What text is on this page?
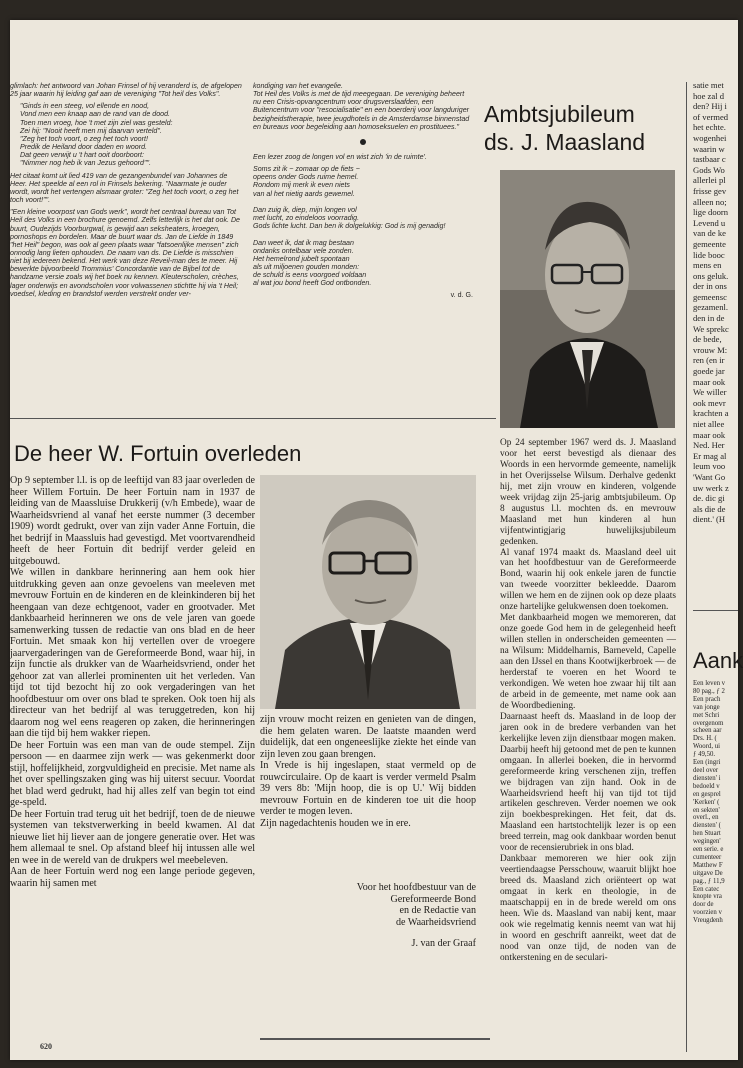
glimlach: het antwoord van Johan Frinsel of hij veranderd is, de afgelopen 25 jaar waarin hij leiding gaf aan de vereniging "Tot heil des Volks".

"Ginds in een steeg, vol ellende en nood,
Vond men een knaap aan de rand van de dood.
Toen men vroeg, hoe 't met zijn ziel was gesteld:
Zei hij: "Nooit heeft men mij daarvan verteld".
"Zeg het toch voort, o zeg het toch voort!
Predik de Heiland door daden en woord.
Dat geen verwijt u 't hart ooit doorboort:
"Nimmer nog heb ik van Jezus gehoord"".

Het citaat komt uit lied 419 van de gezangenbundel van Johannes de Heer. Het speelde al een rol in Frinsels bekering. "Naarmate je ouder wordt, wordt het vertengen alsmaar groter: "Zeg het toch voort, o zeg het toch voort!"".

"Een kleine voorpost van Gods werk", wordt het centraal bureau van Tot Heil des Volks in een brochure genoemd. Zelfs letterlijk is het dat ook. De buurt, Oudezijds Voorburgwal, is gewijd aan seksheaters, kroegen, pornoshops en bordelen. Maar de buurt waar ds. Jan de Liefde in 1849 "het Heil" begon, was ook al geen plaats waar "fatsoenlijke mensen" zich onnodig lang lieten ophouden. De naam van ds. De Liefde is misschien niet bij iedereen bekend. Het werk van deze Reveil-man des te meer. Hij bewerkte bijvoorbeeld Trommius' Concordantie van de Bijbel tot de handzame versie zoals wij het boek nu kennen. Kleuterscholen, crèches, lager onderwijs en avondscholen voor volwassenen stichtte hij via 't Heil; voedsel, kleding en brandstof werden verstrekt onder ver-

kondiging van het evangelie.
Tot Heil des Volks is met de tijd meegegaan. De vereniging beheert nu een Crisis-opvangcentrum voor drugsverslaafden, een Buitencentrum voor "resocialisatie" en een boerderij voor langduriger bezigheidstherapie, twee jeugdhotels in de Amsterdamse binnenstad en bureaus voor begeleiding aan homoseksuelen en prostituees."

Een lezer zoog de longen vol en wist zich 'in de ruimte'.

Soms zit ik ~ zomaar op de fiets ~
opeens onder Gods ruime hemel.
Rondom mij merk ik even niets
van al het nietig aards gewemel.

Dan zuig ik, diep, mijn longen vol
met lucht, zo eindeloos voorradig.
Gods lichte lucht. Dan ben ik dolgelukkig: God is mij genadig!

Dan weet ik, dat ik mag bestaan
ondanks ontelbaar vele zonden.
Het hemelrond jubelt spontaan
als uit miljoenen gouden monden:
de schuld is eens voorgoed voldaan
al wat jou bond heeft God ontbonden.

v. d. G.

Ambtsjubileum
ds. J. Maasland
De heer W. Fortuin overleden

Op 9 september l.l. is op de leeftijd van 83 jaar overleden de heer Willem Fortuin. De heer Fortuin nam in 1937 de leiding van de Maassluise Drukkerij (v/h Embede), waar de Waarheidsvriend al vanaf het eerste nummer (3 december 1909) wordt gedrukt, over van zijn vader Anne Fortuin, die het bedrijf in Maassluis had gevestigd. Met voortvarendheid heeft de heer Fortuin dit bedrijf verder geleid en uitgebouwd.
We willen in dankbare herinnering aan hem ook hier uitdrukking geven aan onze gevoelens van meeleven met mevrouw Fortuin en de kinderen en de kleinkinderen bij het heengaan van deze echtgenoot, vader en grootvader. Met dankbaarheid herinneren we ons de vele jaren van goede samenwerking tussen de redactie van ons blad en de heer Fortuin. Met smaak kon hij vertellen over de vroegere jaarvergaderingen van de Gereformeerde Bond, waar hij, in zijn functie als drukker van de Waarheidsvriend, onder het gehoor zat van allerlei prominenten uit het verleden. Van tijd tot tijd bezocht hij zo ook vergaderingen van het hoofdbestuur om over ons blad te spreken. Ook toen hij als directeur van het bedrijf al was teruggetreden, kon hij daarom nog wel eens reageren op zaken, die herinneringen aan die tijd bij hem wakker riepen.
De heer Fortuin was een man van de oude stempel. Zijn persoon — en daarmee zijn werk — was gekenmerkt door stijl, hoffelijkheid, zorgvuldigheid en precisie. Met name als het over spellingszaken ging was hij uiterst secuur. Voordat het blad werd gedrukt, had hij alles zelf van begin tot eind ge-speld.
De heer Fortuin trad terug uit het bedrijf, toen de de nieuwe systemen van tekstverwerking in beeld kwamen. Al dat nieuwe liet hij liever aan de jongere generatie over. Het was hem allemaal te snel. Op afstand bleef hij intussen alle wel en wee in de wereld van de drukpers wel meebeleven.
Aan de heer Fortuin werd nog een lange periode gegeven, waarin hij samen met

zijn vrouw mocht reizen en genieten van de dingen, die hem gelaten waren. De laatste maanden werd duidelijk, dat een ongeneeslijke ziekte het einde van zijn leven zou gaan brengen.
In Vrede is hij ingeslapen, staat vermeld op de rouwcirculaire. Op de kaart is verder vermeld Psalm 39 vers 8b: 'Mijn hoop, die is op U.' Wij bidden mevrouw Fortuin en de kinderen toe uit die hoop verder te mogen leven.
Zijn nagedachtenis houden we in ere.

Voor het hoofdbestuur van de
Gereformeerde Bond
en de Redactie van
de Waarheidsvriend

J. van der Graaf

Op 24 september 1967 werd ds. J. Maasland voor het eerst bevestigd als dienaar des Woords in een hervormde gemeente, namelijk in het Overijsselse Wilsum. Derhalve gedenkt hij, met zijn vrouw en kinderen, volgende week vrijdag zijn 25-jarig ambtsjubileum. Op 8 augustus l.l. mochten ds. en mevrouw Maasland met hun kinderen al hun vijfentwintigjarig huwelijksjubileum gedenken.
Al vanaf 1974 maakt ds. Maasland deel uit van het hoofdbestuur van de Gereformeerde Bond, waarin hij ook enkele jaren de functie van tweede voorzitter bekleedde. Daarom willen we hem en de zijnen ook op deze plaats onze hartelijke gelukwensen doen toekomen.
Met dankbaarheid mogen we memoreren, dat onze goede God hem in de gelegenheid heeft willen stellen in onderscheiden gemeenten — na Wilsum: Middelharnis, Barneveld, Capelle aan den IJssel en thans Kootwijkerbroek — de herderstaf te voeren en het Woord te verkondigen. We weten hoe zwaar hij tilt aan de arbeid in de gemeente, met name ook aan de Woordbediening.
Daarnaast heeft ds. Maasland in de loop der jaren ook in de bredere verbanden van het kerkelijke leven zijn dienstbaar mogen maken. Daarbij heeft hij getoond met de pen te kunnen omgaan. In allerlei boeken, die in hervormd gereformeerde kring verschenen zijn, treffen we bijdragen van zijn hand. Ook in de Waarheidsvriend heeft hij van tijd tot tijd artikelen geschreven. Verder noemen we ook zijn boekbesprekingen. Het feit, dat ds. Maasland een hartstochtelijk lezer is op een breed terrein, mag ook dankbaar worden benut voor de recensierubriek in ons blad.
Dankbaar memoreren we hier ook zijn veertiendaagse Persschouw, waaruit blijkt hoe breed ds. Maasland zich oriënteert op wat omgaat in kerk en theologie, in de maatschappij en in de brede wereld om ons heen. Wie ds. Maasland van nabij kent, maar ook wie regelmatig kennis neemt van wat hij in woord en geschrift aanreikt, weet dat de nood van onze tijd, de noden van de ontkerstening en de seculari-

620
satie met
hoe zal d
den? Hij i
of vermed
het echte.
wogenhei
waarin w
tastbaar c
Gods Wo
allerlei pl
frisse gev
alleen no;
lige doorn
Levend u
van de ke
gemeente
lide booc
mens en
ons geluk.
der in ons
gemeensc
gezamenl.
den in de
We sprekc
de bede,
vrouw M:
ren (en ir
goede jar
maar ook
We willer
ook mevr
krachten a
niet allee
maar ook
Ned. Her
Er mag al
leum voo
'Want Go
uw werk z
de. dic gi
als die de
dient.' (H
Aank
Een leven v
80 pag., ƒ 2
Een prach
van jonge
met Schri
overgenom
scheen aar
Drs. H. (
Woord, ui
ƒ 49,50.
Een (ingri
deel over
diensten' i
bedoeld v
en gesprel
'Kerken' (
en sekten'
overl., en
diensten' (
hen Stuart
wegingen'
een serie. e
cumenteer
Matthew F
uitgave De
pag., ƒ 11,9
Een catec
knopte vra
door de
voorzien v
Vreugdenh
